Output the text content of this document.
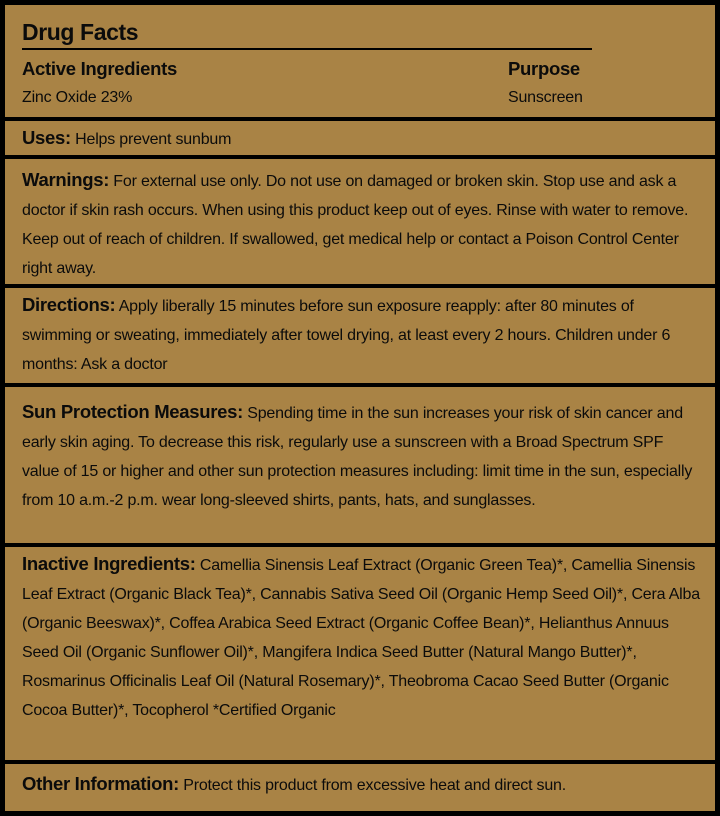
Drug Facts
Active Ingredients	Purpose
Zinc Oxide 23%	Sunscreen
Uses: Helps prevent sunbum
Warnings: For external use only. Do not use on damaged or broken skin. Stop use and ask a doctor if skin rash occurs. When using this product keep out of eyes. Rinse with water to remove. Keep out of reach of children. If swallowed, get medical help or contact a Poison Control Center right away.
Directions: Apply liberally 15 minutes before sun exposure reapply: after 80 minutes of swimming or sweating, immediately after towel drying, at least every 2 hours. Children under 6 months: Ask a doctor
Sun Protection Measures: Spending time in the sun increases your risk of skin cancer and early skin aging. To decrease this risk, regularly use a sunscreen with a Broad Spectrum SPF value of 15 or higher and other sun protection measures including: limit time in the sun, especially from 10 a.m.-2 p.m. wear long-sleeved shirts, pants, hats, and sunglasses.
Inactive Ingredients: Camellia Sinensis Leaf Extract (Organic Green Tea)*, Camellia Sinensis Leaf Extract (Organic Black Tea)*, Cannabis Sativa Seed Oil (Organic Hemp Seed Oil)*, Cera Alba (Organic Beeswax)*, Coffea Arabica Seed Extract (Organic Coffee Bean)*, Helianthus Annuus Seed Oil (Organic Sunflower Oil)*, Mangifera Indica Seed Butter (Natural Mango Butter)*, Rosmarinus Officinalis Leaf Oil (Natural Rosemary)*, Theobroma Cacao Seed Butter (Organic Cocoa Butter)*, Tocopherol *Certified Organic
Other Information: Protect this product from excessive heat and direct sun.
